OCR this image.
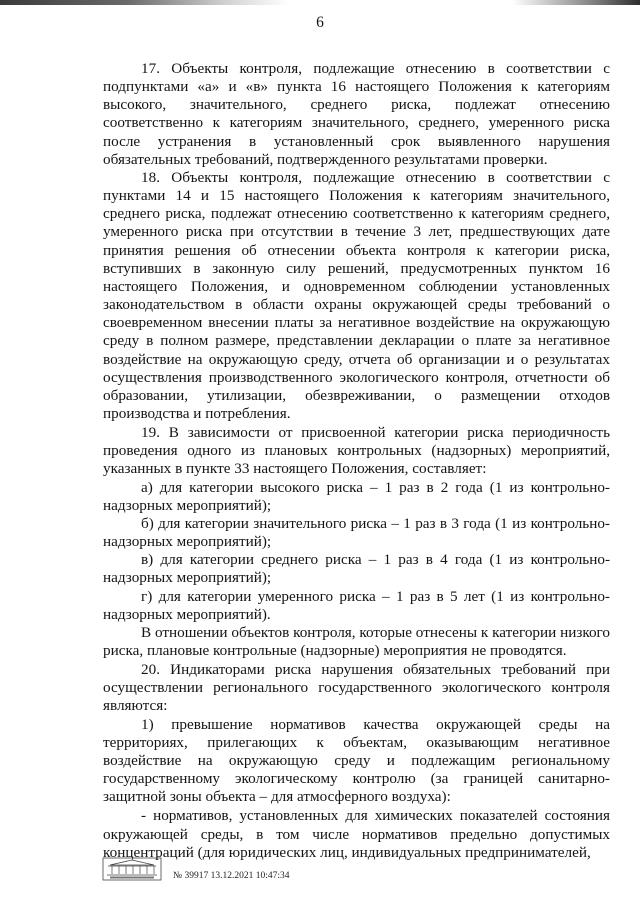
6

17. Объекты контроля, подлежащие отнесению в соответствии с подпунктами «а» и «в» пункта 16 настоящего Положения к категориям высокого, значительного, среднего риска, подлежат отнесению соответственно к категориям значительного, среднего, умеренного риска после устранения в установленный срок выявленного нарушения обязательных требований, подтвержденного результатами проверки.

18. Объекты контроля, подлежащие отнесению в соответствии с пунктами 14 и 15 настоящего Положения к категориям значительного, среднего риска, подлежат отнесению соответственно к категориям среднего, умеренного риска при отсутствии в течение 3 лет, предшествующих дате принятия решения об отнесении объекта контроля к категории риска, вступивших в законную силу решений, предусмотренных пунктом 16 настоящего Положения, и одновременном соблюдении установленных законодательством в области охраны окружающей среды требований о своевременном внесении платы за негативное воздействие на окружающую среду в полном размере, представлении декларации о плате за негативное воздействие на окружающую среду, отчета об организации и о результатах осуществления производственного экологического контроля, отчетности об образовании, утилизации, обезвреживании, о размещении отходов производства и потребления.

19. В зависимости от присвоенной категории риска периодичность проведения одного из плановых контрольных (надзорных) мероприятий, указанных в пункте 33 настоящего Положения, составляет:

а) для категории высокого риска – 1 раз в 2 года (1 из контрольно-надзорных мероприятий);

б) для категории значительного риска – 1 раз в 3 года (1 из контрольно-надзорных мероприятий);

в) для категории среднего риска – 1 раз в 4 года (1 из контрольно-надзорных мероприятий);

г) для категории умеренного риска – 1 раз в 5 лет (1 из контрольно-надзорных мероприятий).

В отношении объектов контроля, которые отнесены к категории низкого риска, плановые контрольные (надзорные) мероприятия не проводятся.

20. Индикаторами риска нарушения обязательных требований при осуществлении регионального государственного экологического контроля являются:

1) превышение нормативов качества окружающей среды на территориях, прилегающих к объектам, оказывающим негативное воздействие на окружающую среду и подлежащим региональному государственному экологическому контролю (за границей санитарно-защитной зоны объекта – для атмосферного воздуха):

- нормативов, установленных для химических показателей состояния окружающей среды, в том числе нормативов предельно допустимых концентраций (для юридических лиц, индивидуальных предпринимателей,

№ 39917 13.12.2021 10:47:34
